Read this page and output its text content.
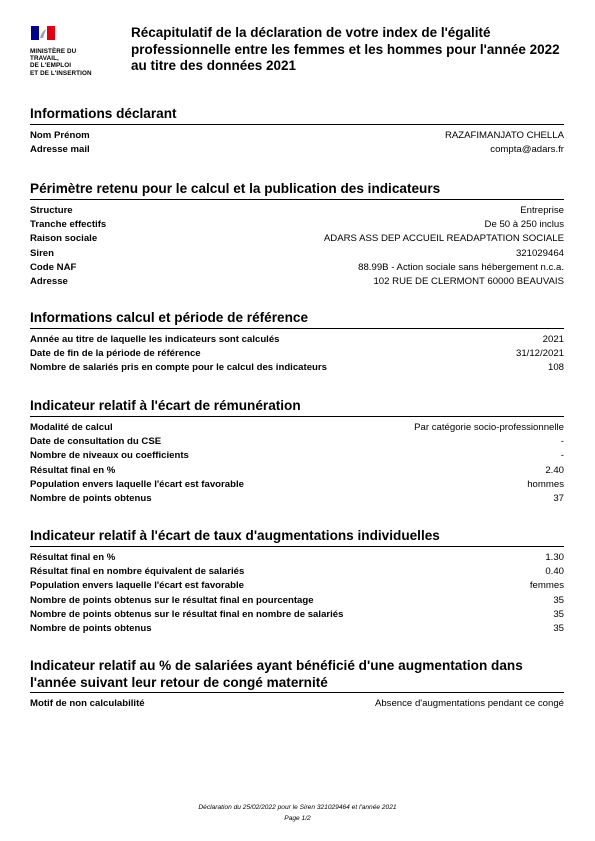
MINISTÈRE DU
TRAVAIL,
DE L'EMPLOI
ET DE L'INSERTION
Récapitulatif de la déclaration de votre index de l'égalité professionnelle entre les femmes et les hommes pour l'année 2022 au titre des données 2021
Informations déclarant
Nom Prénom	RAZAFIMANJATO CHELLA
Adresse mail	compta@adars.fr
Périmètre retenu pour le calcul et la publication des indicateurs
Structure	Entreprise
Tranche effectifs	De 50 à 250 inclus
Raison sociale	ADARS ASS DEP ACCUEIL READAPTATION SOCIALE
Siren	321029464
Code NAF	88.99B - Action sociale sans hébergement n.c.a.
Adresse	102 RUE DE CLERMONT 60000 BEAUVAIS
Informations calcul et période de référence
Année au titre de laquelle les indicateurs sont calculés	2021
Date de fin de la période de référence	31/12/2021
Nombre de salariés pris en compte pour le calcul des indicateurs	108
Indicateur relatif à l'écart de rémunération
Modalité de calcul	Par catégorie socio-professionnelle
Date de consultation du CSE	-
Nombre de niveaux ou coefficients	-
Résultat final en %	2.40
Population envers laquelle l'écart est favorable	hommes
Nombre de points obtenus	37
Indicateur relatif à l'écart de taux d'augmentations individuelles
Résultat final en %	1.30
Résultat final en nombre équivalent de salariés	0.40
Population envers laquelle l'écart est favorable	femmes
Nombre de points obtenus sur le résultat final en pourcentage	35
Nombre de points obtenus sur le résultat final en nombre de salariés	35
Nombre de points obtenus	35
Indicateur relatif au % de salariées ayant bénéficié d'une augmentation dans l'année suivant leur retour de congé maternité
Motif de non calculabilité	Absence d'augmentations pendant ce congé
Déclaration du 25/02/2022 pour le Siren 321029464 et l'année 2021
Page 1/2
